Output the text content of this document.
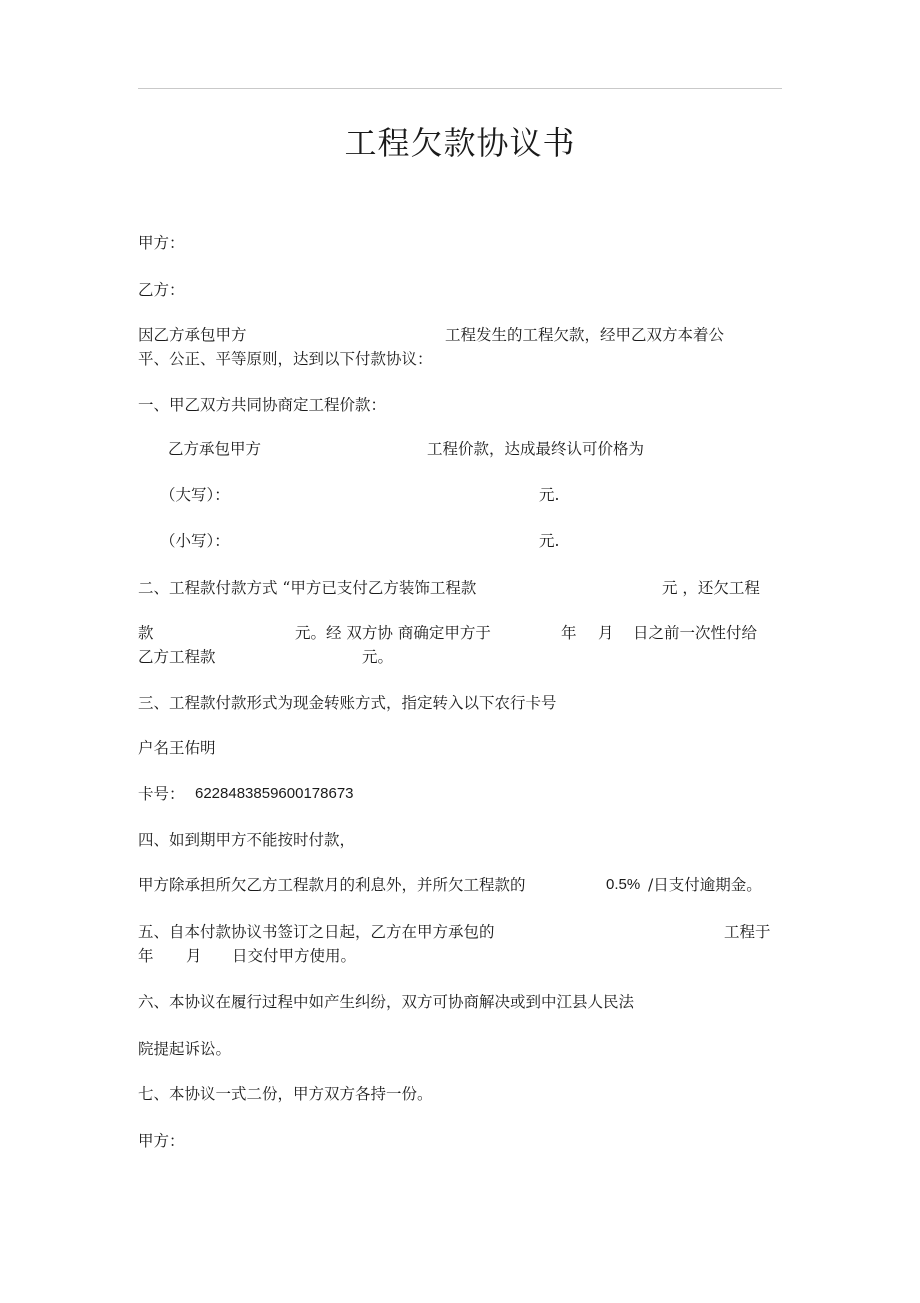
工程欠款协议书
甲方：
乙方：
因乙方承包甲方	工程发生的工程欠款，经甲乙双方本着公
平、公正、平等原则，达到以下付款协议：
一、甲乙双方共同协商定工程价款：
乙方承包甲方	工程价款，达成最终认可价格为
（大写）：	元.
（小写）：	元.
二、工程款付款方式 “甲方已支付乙方装饰工程款	元 ，还欠工程
款	元。经 双方协 商确定甲方于	年 月 日之前一次性付给
乙方工程款	元。
三、工程款付款形式为现金转账方式，指定转入以下农行卡号
户名王佑明
卡号： 6228483859600178673
四、如到期甲方不能按时付款，
甲方除承担所欠乙方工程款月的利息外，并所欠工程款的	0.5% /日支付逾期金。
五、自本付款协议书签订之日起，乙方在甲方承包的	工程于
年 月 日交付甲方使用。
六、本协议在履行过程中如产生纠纷，双方可协商解决或到中江县人民法
院提起诉讼。
七、本协议一式二份，甲方双方各持一份。
甲方：
